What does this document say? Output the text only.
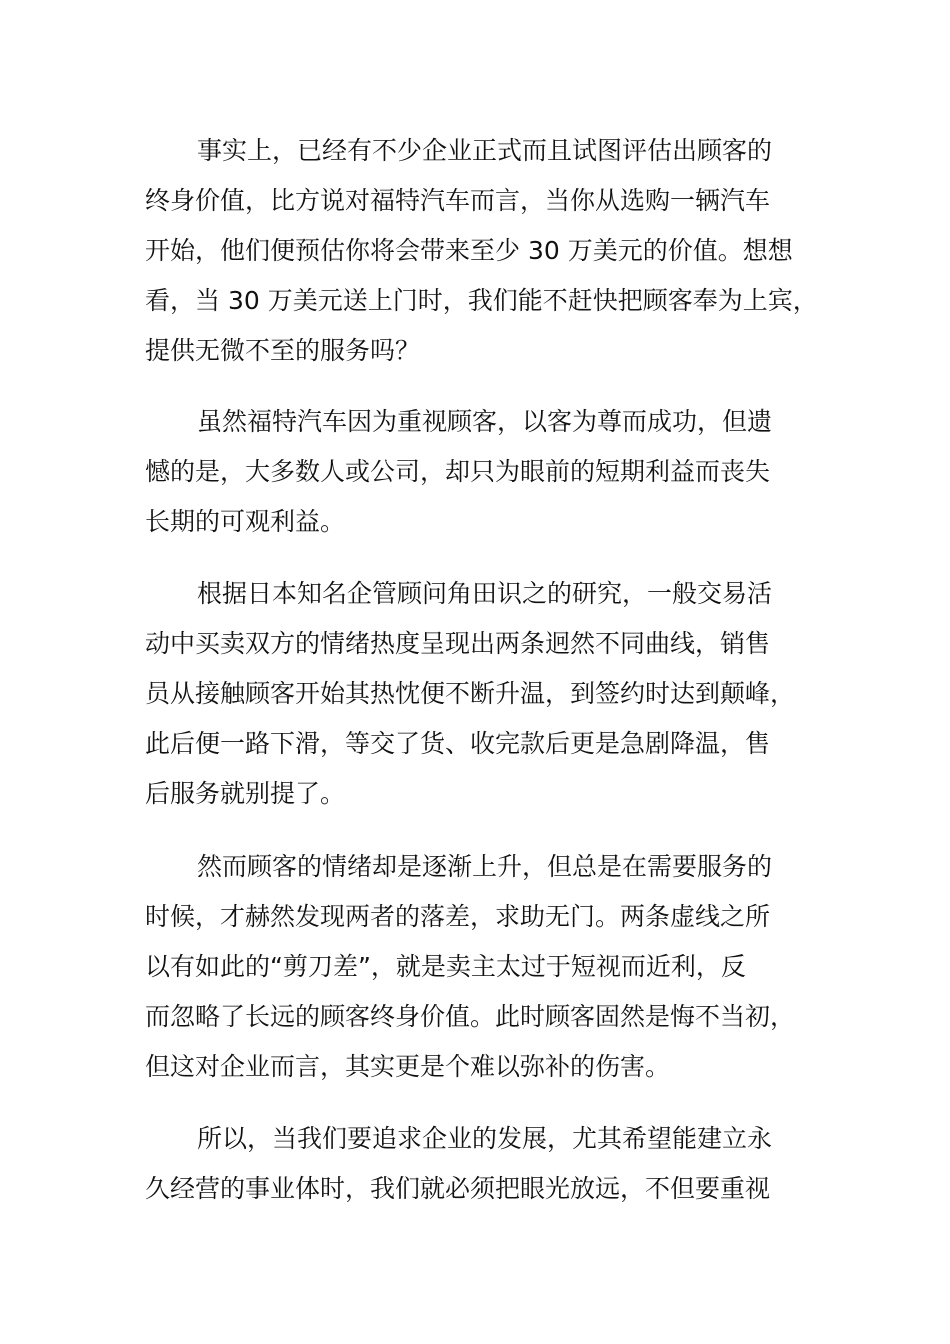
事实上，已经有不少企业正式而且试图评估出顾客的
终身价值，比方说对福特汽车而言，当你从选购一辆汽车
开始，他们便预估你将会带来至少 30 万美元的价值。想想
看，当 30 万美元送上门时，我们能不赶快把顾客奉为上宾，
提供无微不至的服务吗？

虽然福特汽车因为重视顾客，以客为尊而成功，但遗
憾的是，大多数人或公司，却只为眼前的短期利益而丧失
长期的可观利益。

根据日本知名企管顾问角田识之的研究，一般交易活
动中买卖双方的情绪热度呈现出两条迥然不同曲线，销售
员从接触顾客开始其热忱便不断升温，到签约时达到颠峰，
此后便一路下滑，等交了货、收完款后更是急剧降温，售
后服务就别提了。

然而顾客的情绪却是逐渐上升，但总是在需要服务的
时候，才赫然发现两者的落差，求助无门。两条虚线之所
以有如此的“剪刀差”，就是卖主太过于短视而近利，反
而忽略了长远的顾客终身价值。此时顾客固然是悔不当初，
但这对企业而言，其实更是个难以弥补的伤害。

所以，当我们要追求企业的发展，尤其希望能建立永
久经营的事业体时，我们就必须把眼光放远，不但要重视
